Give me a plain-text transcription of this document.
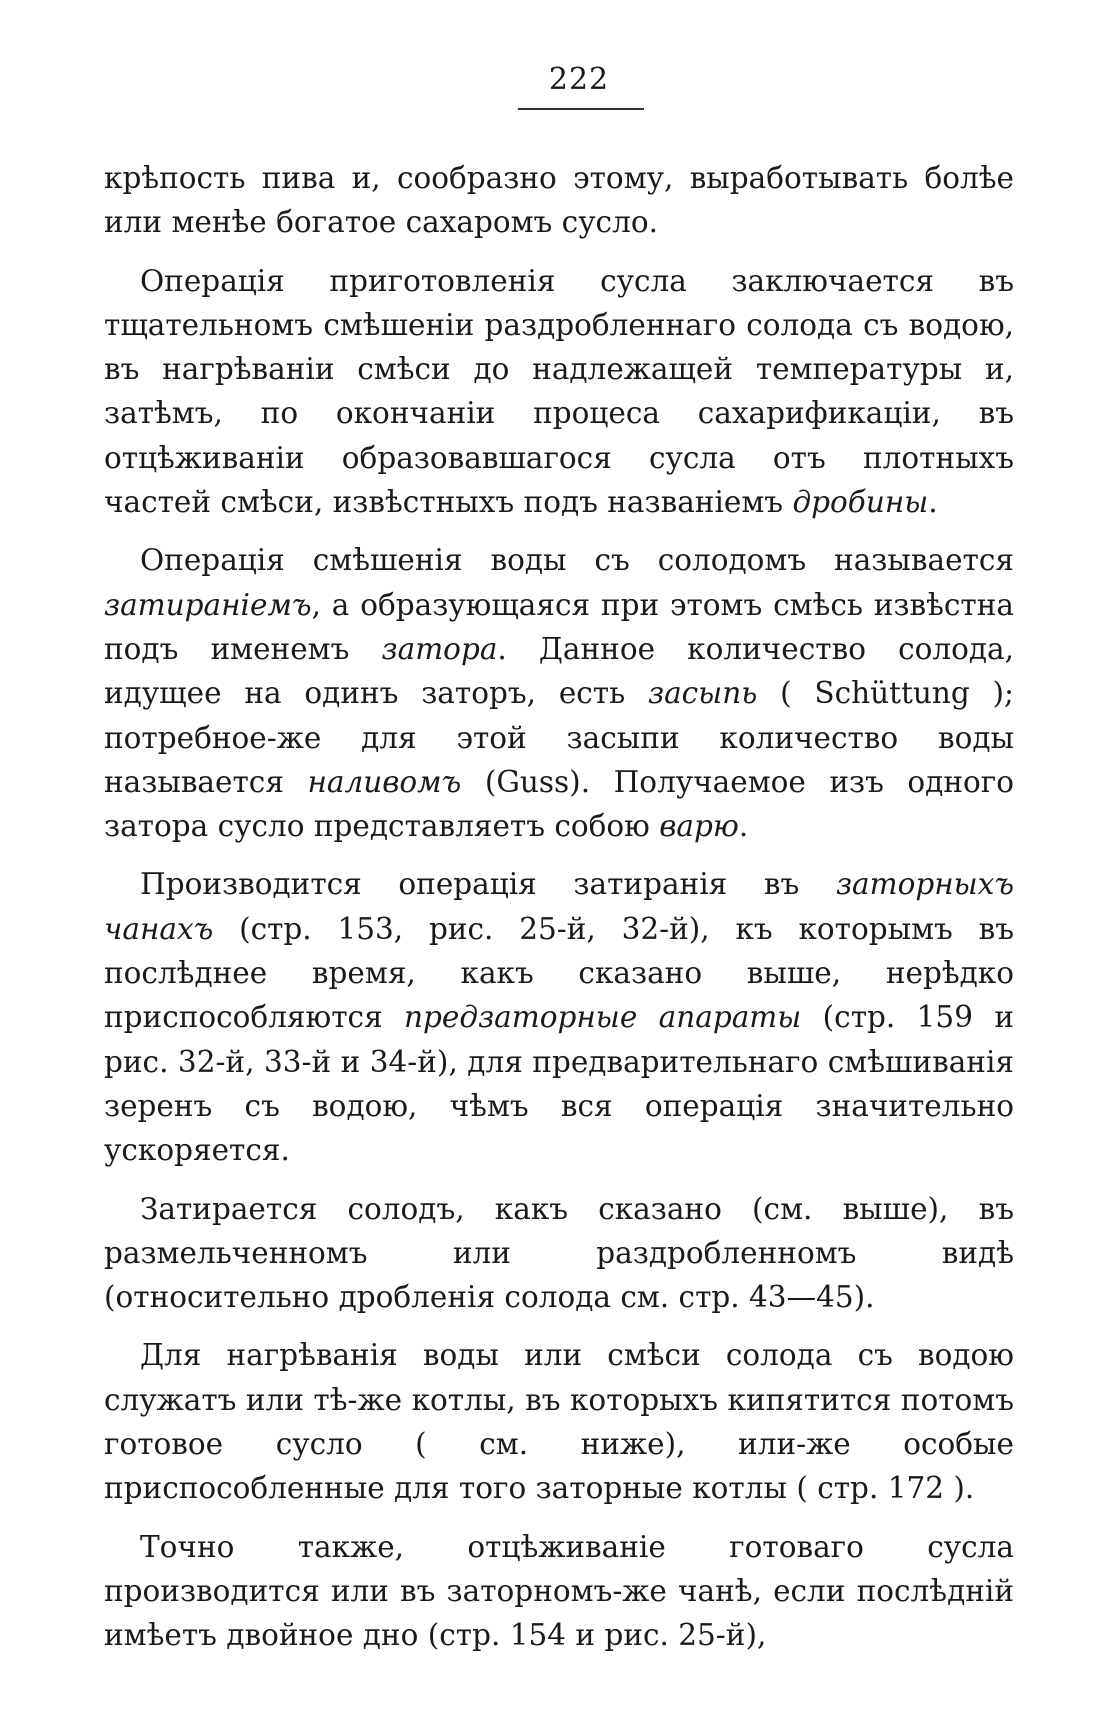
222

крѣпость пива и, сообразно этому, выработывать болѣе или менѣе богатое сахаромъ сусло.

Операція приготовленія сусла заключается въ тщательномъ смѣшеніи раздробленнаго солода съ водою, въ нагрѣваніи смѣси до надлежащей температуры и, затѣмъ, по окончаніи процеса сахарификаціи, въ отцѣживаніи образовавшагося сусла отъ плотныхъ частей смѣси, извѣстныхъ подъ названіемъ дробины.

Операція смѣшенія воды съ солодомъ называется затираніемъ, а образующаяся при этомъ смѣсь извѣстна подъ именемъ затора. Данное количество солода, идущее на одинъ заторъ, есть засыпь ( Schüttung ); потребное-же для этой засыпи количество воды называется наливомъ (Guss). Получаемое изъ одного затора сусло представляетъ собою варю.

Производится операція затиранія въ заторныхъ чанахъ (стр. 153, рис. 25-й, 32-й), къ которымъ въ послѣднее время, какъ сказано выше, нерѣдко приспособляются предзаторные апараты (стр. 159 и рис. 32-й, 33-й и 34-й), для предварительнаго смѣшиванія зеренъ съ водою, чѣмъ вся операція значительно ускоряется.

Затирается солодъ, какъ сказано (см. выше), въ размельченномъ или раздробленномъ видѣ (относительно дробленія солода см. стр. 43—45).

Для нагрѣванія воды или смѣси солода съ водою служатъ или тѣ-же котлы, въ которыхъ кипятится потомъ готовое сусло ( см. ниже), или-же особые приспособленные для того заторные котлы ( стр. 172 ).

Точно также, отцѣживаніе готоваго сусла производится или въ заторномъ-же чанѣ, если послѣдній имѣетъ двойное дно (стр. 154 и рис. 25-й),
